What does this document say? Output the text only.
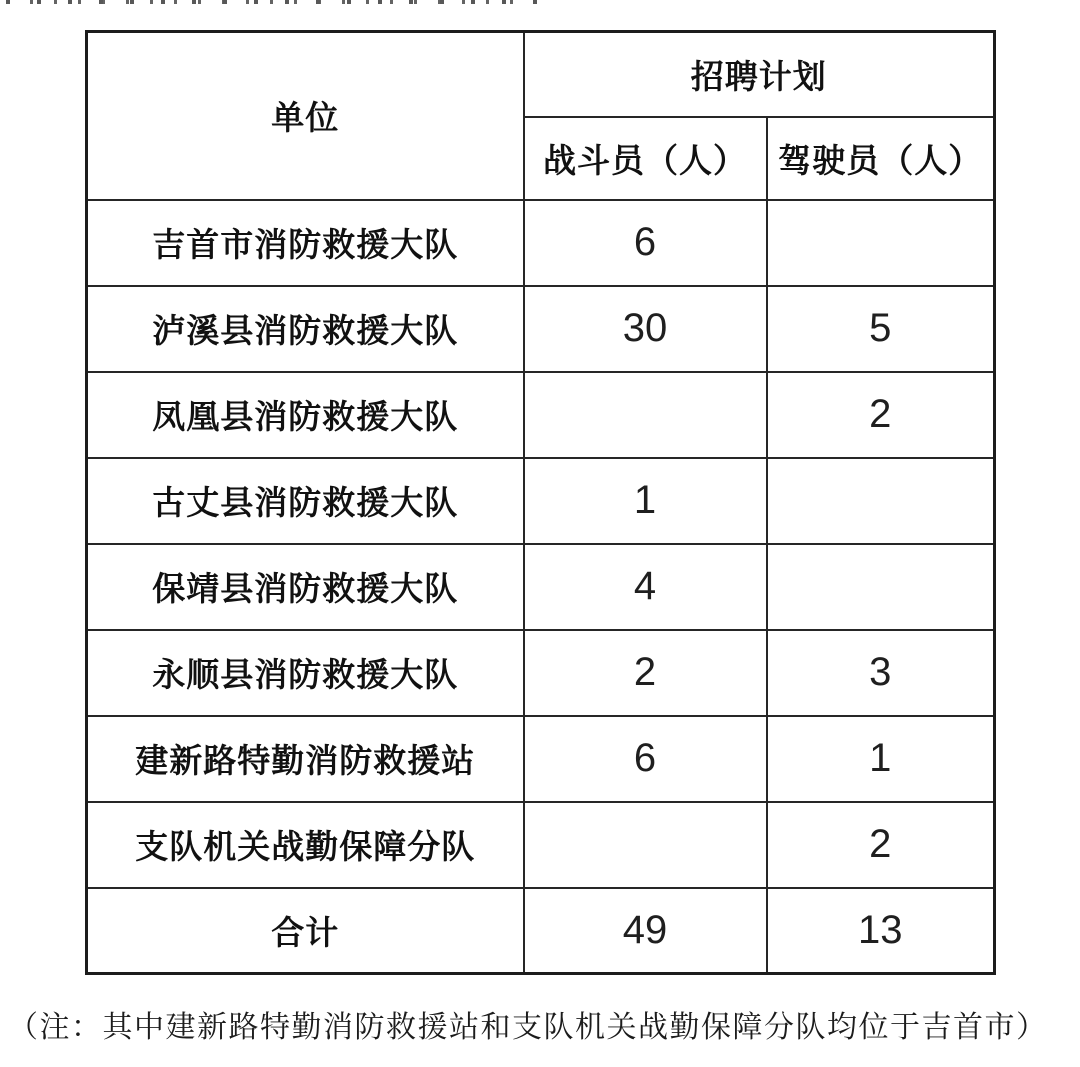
单位	招聘计划	
	战斗员（人）	驾驶员（人）
吉首市消防救援大队	6	
泸溪县消防救援大队	30	5
凤凰县消防救援大队		2
古丈县消防救援大队	1	
保靖县消防救援大队	4	
永顺县消防救援大队	2	3
建新路特勤消防救援站	6	1
支队机关战勤保障分队		2
合计	49	13
（注：其中建新路特勤消防救援站和支队机关战勤保障分队均位于吉首市）
